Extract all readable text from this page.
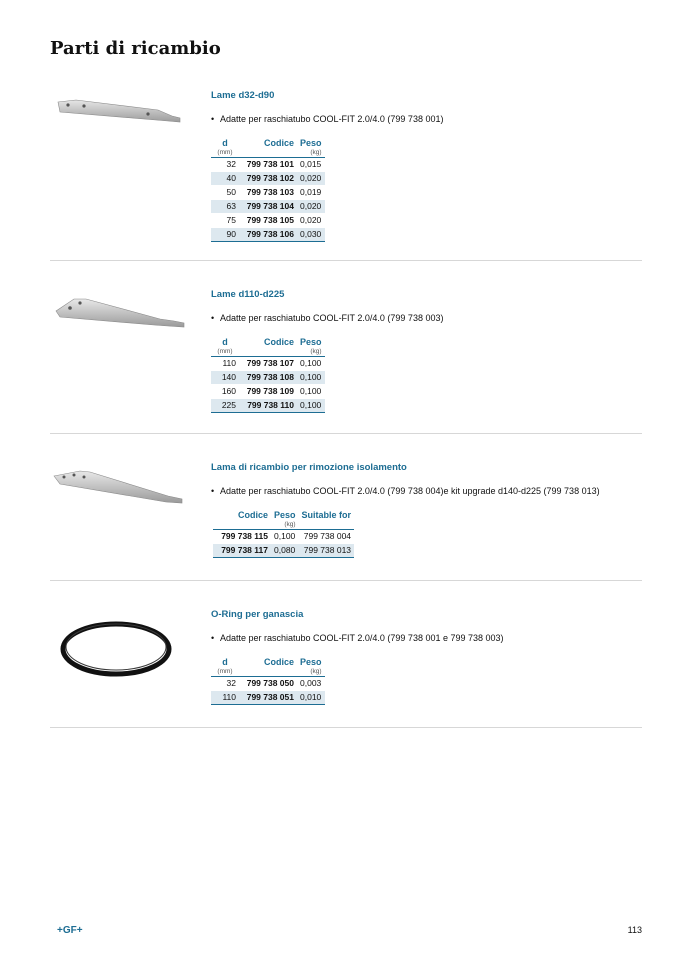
Parti di ricambio
Lame d32-d90
• Adatte per raschiatubo COOL-FIT 2.0/4.0 (799 738 001)
d	Codice	Peso
(mm)		(kg)
32	799 738 101	0,015
40	799 738 102	0,020
50	799 738 103	0,019
63	799 738 104	0,020
75	799 738 105	0,020
90	799 738 106	0,030
Lame d110-d225
• Adatte per raschiatubo COOL-FIT 2.0/4.0 (799 738 003)
d	Codice	Peso
(mm)		(kg)
110	799 738 107	0,100
140	799 738 108	0,100
160	799 738 109	0,100
225	799 738 110	0,100
Lama di ricambio per rimozione isolamento
• Adatte per raschiatubo COOL-FIT 2.0/4.0 (799 738 004)e kit upgrade d140-d225 (799 738 013)
Codice	Peso	Suitable for
	(kg)	
799 738 115	0,100	799 738 004
799 738 117	0,080	799 738 013
O-Ring per ganascia
• Adatte per raschiatubo COOL-FIT 2.0/4.0 (799 738 001 e 799 738 003)
d	Codice	Peso
(mm)		(kg)
32	799 738 050	0,003
110	799 738 051	0,010
+GF+	113
